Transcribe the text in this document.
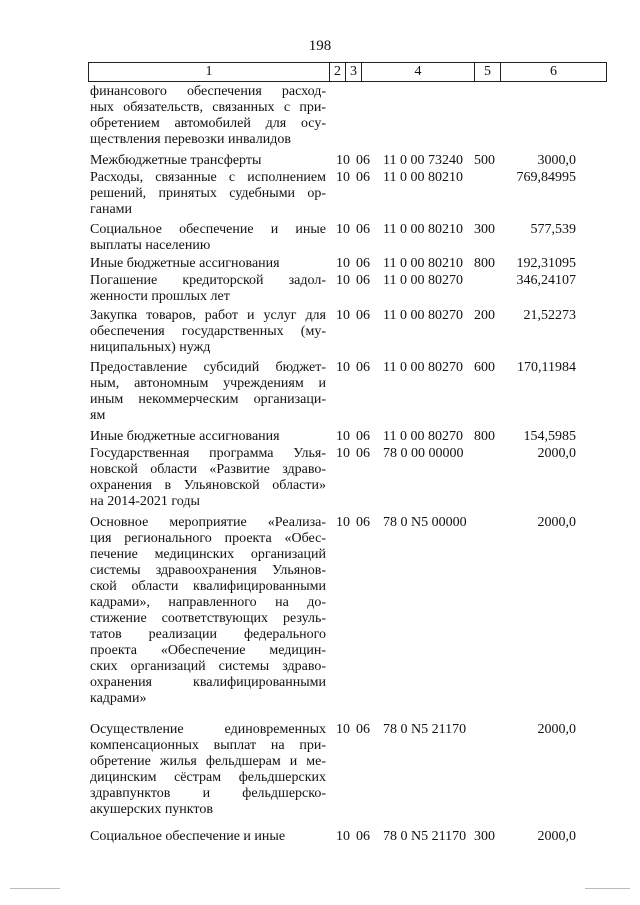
198
1	2	3	4	5	6
финансового обеспечения расход-
ных обязательств, связанных с при-
обретением автомобилей для осу-
ществления перевозки инвалидов
Межбюджетные трансферты	10 06 11 0 00 73240 500	3000,0
Расходы, связанные с исполнением
решений, принятых судебными ор-
ганами
10 06 11 0 00 80210	769,84995
Социальное обеспечение и иные
выплаты населению
10 06 11 0 00 80210 300	577,539
Иные бюджетные ассигнования	10 06 11 0 00 80210 800	192,31095
Погашение кредиторской задол-
женности прошлых лет
10 06 11 0 00 80270	346,24107
Закупка товаров, работ и услуг для
обеспечения государственных (му-
ниципальных) нужд
10 06 11 0 00 80270 200	21,52273
Предоставление субсидий бюджет-
ным, автономным учреждениям и
иным некоммерческим организаци-
ям
10 06 11 0 00 80270 600	170,11984
Иные бюджетные ассигнования	10 06 11 0 00 80270 800	154,5985
Государственная программа Улья-
новской области «Развитие здраво-
охранения в Ульяновской области»
на 2014-2021 годы
10 06 78 0 00 00000	2000,0
Основное мероприятие «Реализа-
ция регионального проекта «Обес-
печение медицинских организаций
системы здравоохранения Ульянов-
ской области квалифицированными
кадрами», направленного на до-
стижение соответствующих резуль-
татов реализации федерального
проекта «Обеспечение медицин-
ских организаций системы здраво-
охранения квалифицированными
кадрами»
10 06 78 0 N5 00000	2000,0
Осуществление единовременных
компенсационных выплат на при-
обретение жилья фельдшерам и ме-
дицинским сёстрам фельдшерских
здравпунктов и фельдшерско-
акушерских пунктов
10 06 78 0 N5 21170	2000,0
Социальное обеспечение и иные	10 06 78 0 N5 21170 300	2000,0
